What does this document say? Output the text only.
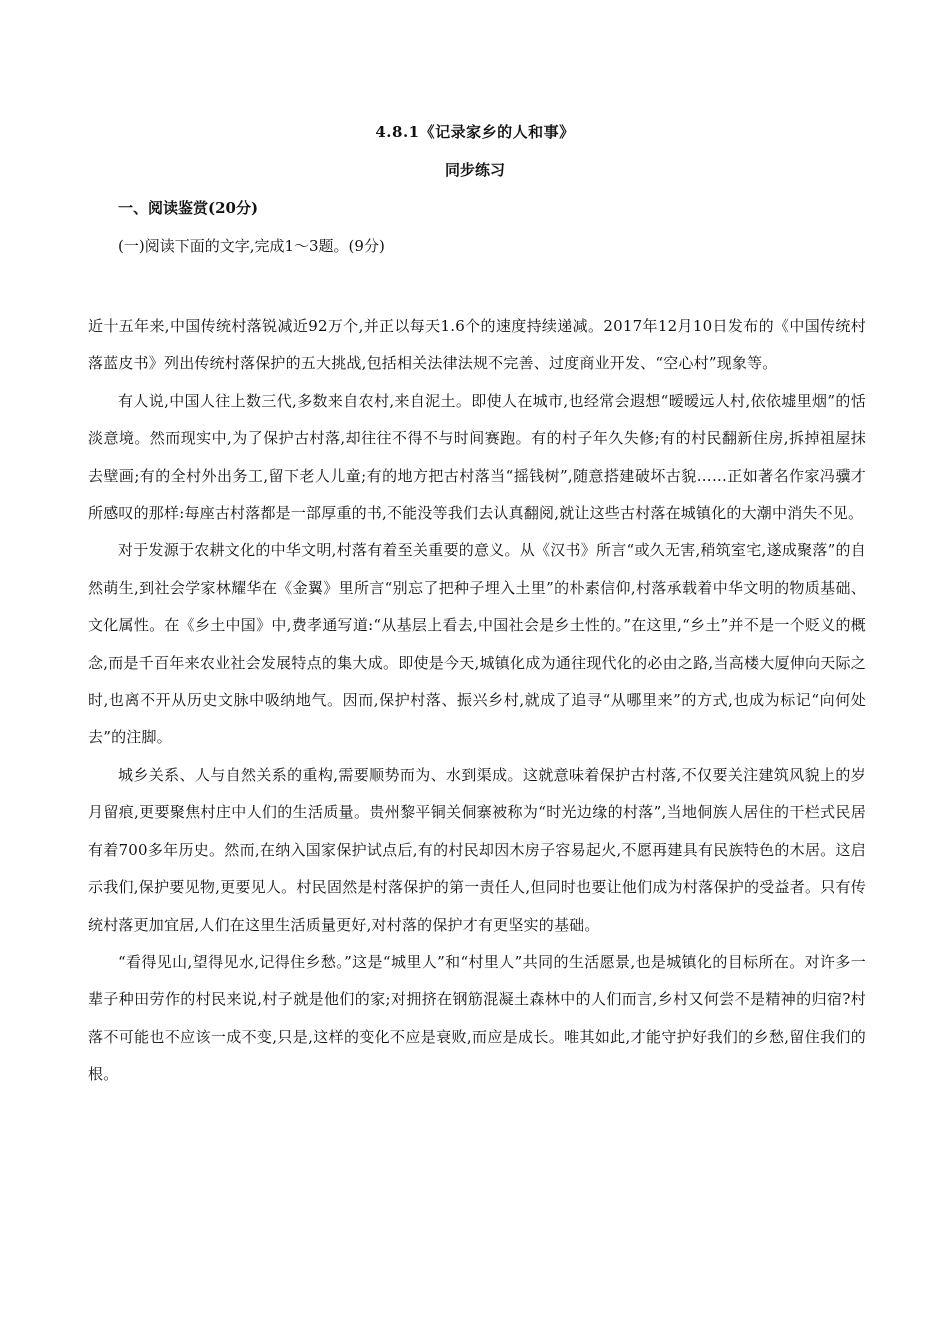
4.8.1《记录家乡的人和事》
同步练习
一、阅读鉴赏(20分)
(一)阅读下面的文字,完成1～3题。(9分)

近十五年来,中国传统村落锐减近92万个,并正以每天1.6个的速度持续递减。2017年12月10日发布的《中国传统村落蓝皮书》列出传统村落保护的五大挑战,包括相关法律法规不完善、过度商业开发、“空心村”现象等。

有人说,中国人往上数三代,多数来自农村,来自泥土。即使人在城市,也经常会遐想“暧暧远人村,依依墟里烟”的恬淡意境。然而现实中,为了保护古村落,却往往不得不与时间赛跑。有的村子年久失修;有的村民翻新住房,拆掉祖屋抹去壁画;有的全村外出务工,留下老人儿童;有的地方把古村落当“摇钱树”,随意搭建破坏古貌……正如著名作家冯骥才所感叹的那样:每座古村落都是一部厚重的书,不能没等我们去认真翻阅,就让这些古村落在城镇化的大潮中消失不见。

对于发源于农耕文化的中华文明,村落有着至关重要的意义。从《汉书》所言“或久无害,稍筑室宅,遂成聚落”的自然萌生,到社会学家林耀华在《金翼》里所言“别忘了把种子埋入土里”的朴素信仰,村落承载着中华文明的物质基础、文化属性。在《乡土中国》中,费孝通写道:“从基层上看去,中国社会是乡土性的。”在这里,“乡土”并不是一个贬义的概念,而是千百年来农业社会发展特点的集大成。即使是今天,城镇化成为通往现代化的必由之路,当高楼大厦伸向天际之时,也离不开从历史文脉中吸纳地气。因而,保护村落、振兴乡村,就成了追寻“从哪里来”的方式,也成为标记“向何处去”的注脚。

城乡关系、人与自然关系的重构,需要顺势而为、水到渠成。这就意味着保护古村落,不仅要关注建筑风貌上的岁月留痕,更要聚焦村庄中人们的生活质量。贵州黎平铜关侗寨被称为“时光边缘的村落”,当地侗族人居住的干栏式民居有着700多年历史。然而,在纳入国家保护试点后,有的村民却因木房子容易起火,不愿再建具有民族特色的木居。这启示我们,保护要见物,更要见人。村民固然是村落保护的第一责任人,但同时也要让他们成为村落保护的受益者。只有传统村落更加宜居,人们在这里生活质量更好,对村落的保护才有更坚实的基础。

“看得见山,望得见水,记得住乡愁。”这是“城里人”和“村里人”共同的生活愿景,也是城镇化的目标所在。对许多一辈子种田劳作的村民来说,村子就是他们的家;对拥挤在钢筋混凝土森林中的人们而言,乡村又何尝不是精神的归宿?村落不可能也不应该一成不变,只是,这样的变化不应是衰败,而应是成长。唯其如此,才能守护好我们的乡愁,留住我们的根。
